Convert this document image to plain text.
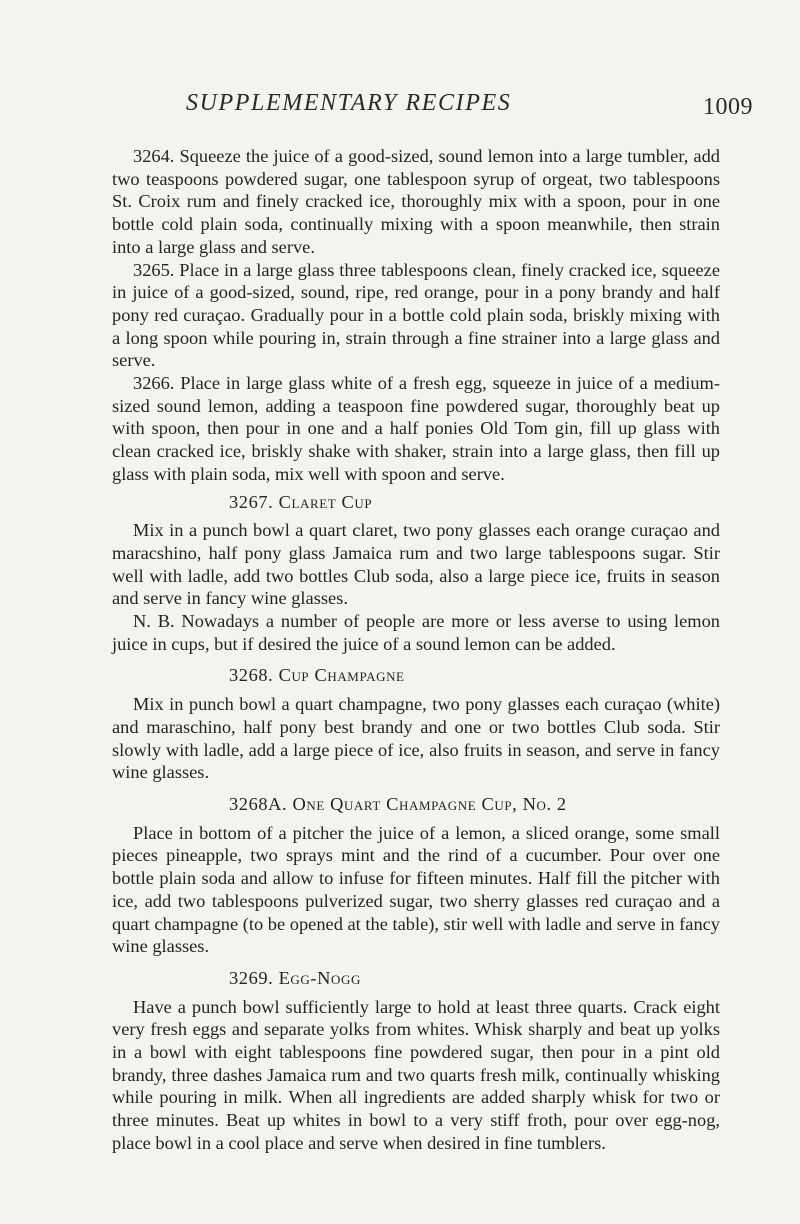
SUPPLEMENTARY RECIPES	1009

3264. Squeeze the juice of a good-sized, sound lemon into a large tumbler, add two teaspoons powdered sugar, one tablespoon syrup of orgeat, two tablespoons St. Croix rum and finely cracked ice, thoroughly mix with a spoon, pour in one bottle cold plain soda, continually mixing with a spoon meanwhile, then strain into a large glass and serve.

3265. Place in a large glass three tablespoons clean, finely cracked ice, squeeze in juice of a good-sized, sound, ripe, red orange, pour in a pony brandy and half pony red curaçao. Gradually pour in a bottle cold plain soda, briskly mixing with a long spoon while pouring in, strain through a fine strainer into a large glass and serve.

3266. Place in large glass white of a fresh egg, squeeze in juice of a medium-sized sound lemon, adding a teaspoon fine powdered sugar, thoroughly beat up with spoon, then pour in one and a half ponies Old Tom gin, fill up glass with clean cracked ice, briskly shake with shaker, strain into a large glass, then fill up glass with plain soda, mix well with spoon and serve.

3267. Claret Cup

Mix in a punch bowl a quart claret, two pony glasses each orange curaçao and maracshino, half pony glass Jamaica rum and two large tablespoons sugar. Stir well with ladle, add two bottles Club soda, also a large piece ice, fruits in season and serve in fancy wine glasses.

N. B. Nowadays a number of people are more or less averse to using lemon juice in cups, but if desired the juice of a sound lemon can be added.

3268. Cup Champagne

Mix in punch bowl a quart champagne, two pony glasses each curaçao (white) and maraschino, half pony best brandy and one or two bottles Club soda. Stir slowly with ladle, add a large piece of ice, also fruits in season, and serve in fancy wine glasses.

3268A. One Quart Champagne Cup, No. 2

Place in bottom of a pitcher the juice of a lemon, a sliced orange, some small pieces pineapple, two sprays mint and the rind of a cucumber. Pour over one bottle plain soda and allow to infuse for fifteen minutes. Half fill the pitcher with ice, add two tablespoons pulverized sugar, two sherry glasses red curaçao and a quart champagne (to be opened at the table), stir well with ladle and serve in fancy wine glasses.

3269. Egg-Nogg

Have a punch bowl sufficiently large to hold at least three quarts. Crack eight very fresh eggs and separate yolks from whites. Whisk sharply and beat up yolks in a bowl with eight tablespoons fine powdered sugar, then pour in a pint old brandy, three dashes Jamaica rum and two quarts fresh milk, continually whisking while pouring in milk. When all ingredients are added sharply whisk for two or three minutes. Beat up whites in bowl to a very stiff froth, pour over egg-nog, place bowl in a cool place and serve when desired in fine tumblers.
